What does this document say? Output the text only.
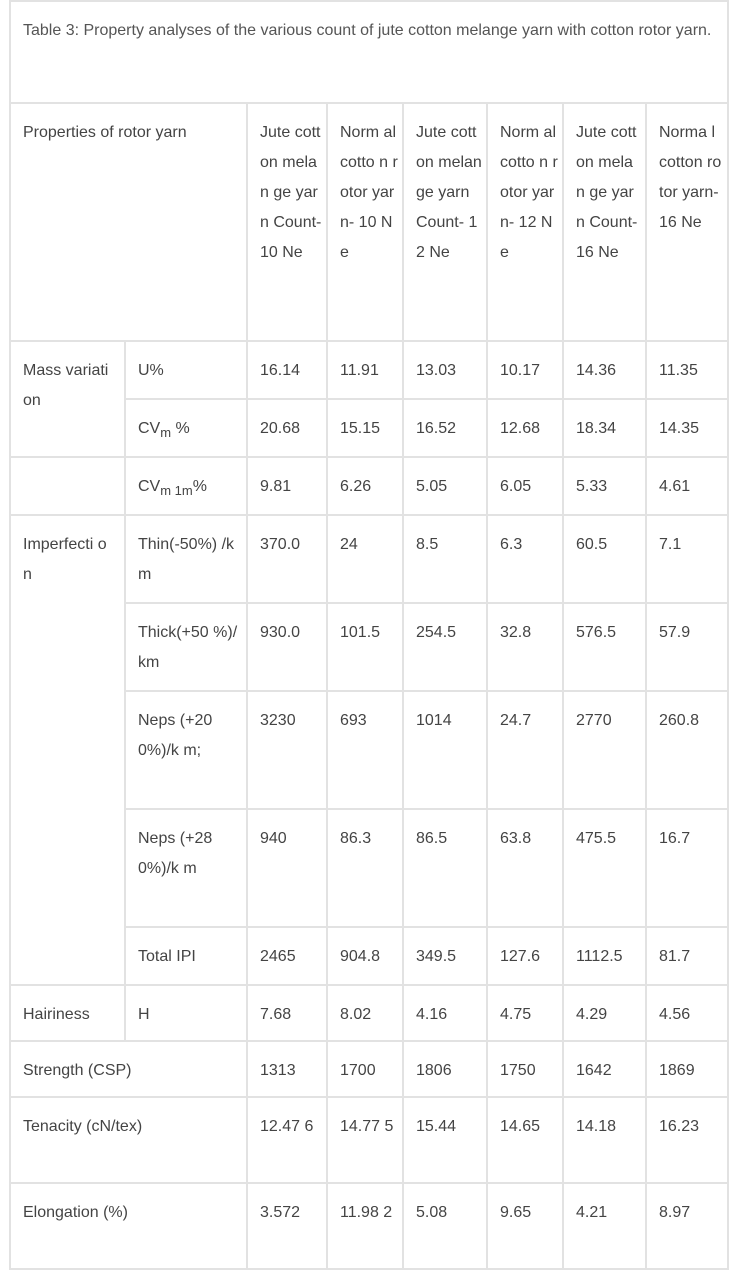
Table 3: Property analyses of the various count of jute cotton melange yarn with cotton rotor yarn.							
Properties of rotor yarn		Jute cotton melan ge yarn Count- 10 Ne	Norm al cotto n rotor yarn- 10 Ne	Jute cotton melan ge yarn Count- 12 Ne	Norm al cotto n rotor yarn- 12 Ne	Jute cotton melan ge yarn Count- 16 Ne	Norma l cotton rotor yarn- 16 Ne
Mass variation	U%	16.14	11.91	13.03	10.17	14.36	11.35
	$CV_m$ %	20.68	15.15	16.52	12.68	18.34	14.35
	$CV_{m 1m}\%$	9.81	6.26	5.05	6.05	5.33	4.61
Imperfecti on	Thin(-50%) /km	370.0	24	8.5	6.3	60.5	7.1
	Thick(+50 %)/km	930.0	101.5	254.5	32.8	576.5	57.9
	Neps (+200%)/k m;	3230	693	1014	24.7	2770	260.8
	Neps (+280%)/k m	940	86.3	86.5	63.8	475.5	16.7
	Total IPI	2465	904.8	349.5	127.6	1112.5	81.7
Hairiness	H	7.68	8.02	4.16	4.75	4.29	4.56
Strength (CSP)		1313	1700	1806	1750	1642	1869
Tenacity (cN/tex)		12.47 6	14.77 5	15.44	14.65	14.18	16.23
Elongation (%)		3.572	11.98 2	5.08	9.65	4.21	8.97
